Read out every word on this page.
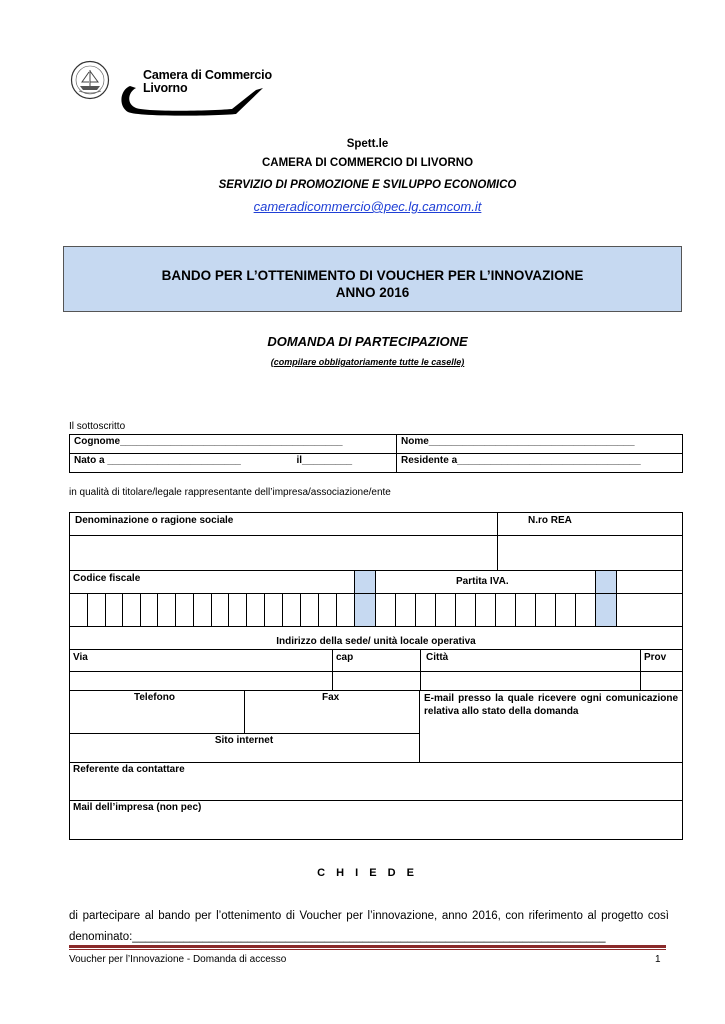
Camera di Commercio
Livorno
Spett.le
CAMERA DI COMMERCIO DI LIVORNO
SERVIZIO DI PROMOZIONE E SVILUPPO ECONOMICO
cameradicommercio@pec.lg.camcom.it
BANDO PER L’OTTENIMENTO DI VOUCHER PER L’INNOVAZIONE
ANNO 2016
DOMANDA DI PARTECIPAZIONE
(compilare obbligatoriamente tutte le caselle)
Il sottoscritto
Cognome________________________________________	Nome_____________________________________
Nato a ________________________ il_________	Residente a_________________________________
in qualità di titolare/legale rappresentante dell’impresa/associazione/ente
Denominazione o ragione sociale	N.ro REA
Codice fiscale	Partita IVA.
Indirizzo della sede/ unità locale operativa
Via	cap	Città	Prov
Telefono	Fax	E-mail presso la quale ricevere ogni comunicazione relativa allo stato della domanda
Sito internet
Referente da contattare
Mail dell’impresa (non pec)
C H I E D E
di partecipare al bando per l’ottenimento di Voucher per l’innovazione, anno 2016, con riferimento al progetto così denominato:__________________________________________________________________________
Voucher per l’Innovazione - Domanda di accesso	1
